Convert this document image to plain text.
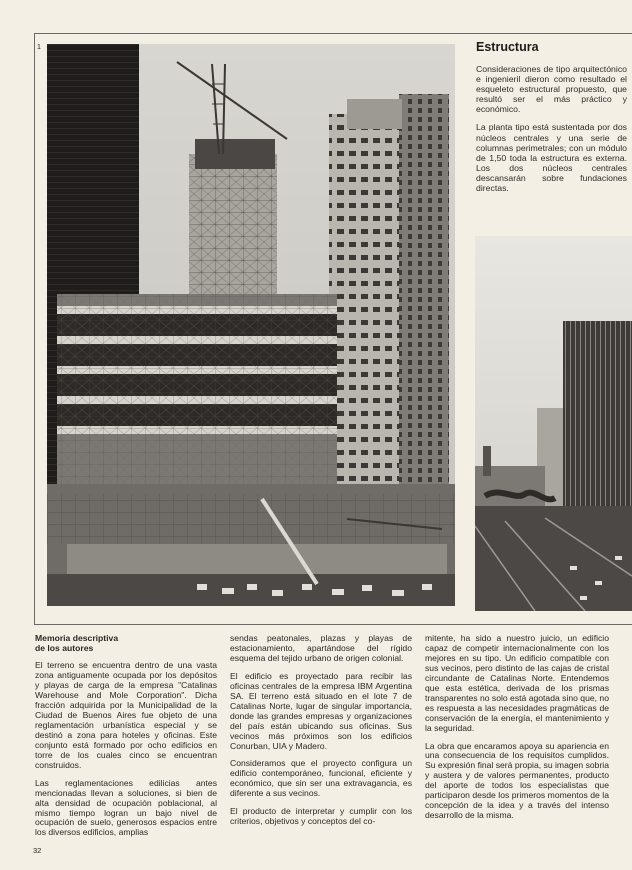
1	Estructura

Consideraciones de tipo arquitectónico e ingenieril dieron como resultado el esqueleto estructural propuesto, que resultó ser el más práctico y económico.

La planta tipo está sustentada por dos núcleos centrales y una serie de columnas perimetrales; con un módulo de 1,50 toda la estructura es externa. Los dos núcleos centrales descansarán sobre fundaciones directas.

Memoria descriptiva
de los autores

El terreno se encuentra dentro de una vasta zona antiguamente ocupada por los depósitos y playas de carga de la empresa "Catalinas Warehouse and Mole Corporation". Dicha fracción adquirida por la Municipalidad de la Ciudad de Buenos Aires fue objeto de una reglamentación urbanística especial y se destinó a zona para hoteles y oficinas. Este conjunto está formado por ocho edificios en torre de los cuales cinco se encuentran construidos.

Las reglamentaciones edilicias antes mencionadas llevan a soluciones, si bien de alta densidad de ocupación poblacional, al mismo tiempo logran un bajo nivel de ocupación de suelo, generosos espacios entre los diversos edificios, amplias

sendas peatonales, plazas y playas de estacionamiento, apartándose del rígido esquema del tejido urbano de origen colonial.

El edificio es proyectado para recibir las oficinas centrales de la empresa IBM Argentina SA. El terreno está situado en el lote 7 de Catalinas Norte, lugar de singular importancia, donde las grandes empresas y organizaciones del país están ubicando sus oficinas. Sus vecinos más próximos son los edificios Conurban, UIA y Madero.

Consideramos que el proyecto configura un edificio contemporáneo, funcional, eficiente y económico, que sin ser una extravagancia, es diferente a sus vecinos.

El producto de interpretar y cumplir con los criterios, objetivos y conceptos del co-

mitente, ha sido a nuestro juicio, un edificio capaz de competir internacionalmente con los mejores en su tipo. Un edificio compatible con sus vecinos, pero distinto de las cajas de cristal circundante de Catalinas Norte. Entendemos que esta estética, derivada de los prismas transparentes no solo está agotada sino que, no es respuesta a las necesidades pragmáticas de conservación de la energía, el mantenimiento y la seguridad.

La obra que encaramos apoya su apariencia en una consecuencia de los requisitos cumplidos. Su expresión final será propia, su imagen sobria y austera y de valores permanentes, producto del aporte de todos los especialistas que participaron desde los primeros momentos de la concepción de la idea y a través del intenso desarrollo de la misma.

32
